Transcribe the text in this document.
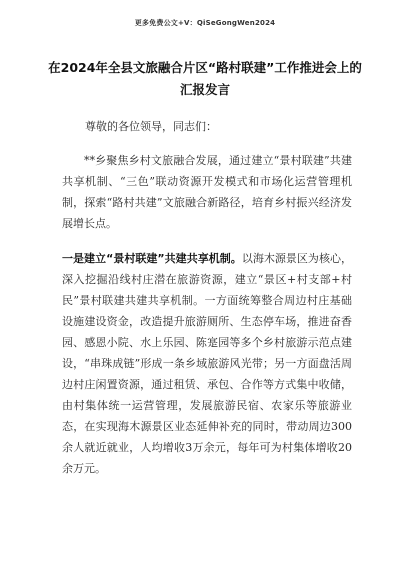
更多免费公文+V：QiSeGongWen2024
在2024年全县文旅融合片区“路村联建”工作推进会上的
汇报发言
尊敬的各位领导，同志们：
**乡聚焦乡村文旅融合发展，通过建立“景村联建”共建共享机制、“三色”联动资源开发模式和市场化运营管理机制，探索“路村共建”文旅融合新路径，培育乡村振兴经济发展增长点。
一是建立“景村联建”共建共享机制。以海木源景区为核心，深入挖掘沿线村庄潜在旅游资源，建立“景区+村支部+村民”景村联建共建共享机制。一方面统筹整合周边村庄基础设施建设资金，改造提升旅游厕所、生态停车场，推进奋香园、感恩小院、水上乐园、陈寔园等多个乡村旅游示范点建设，“串珠成链”形成一条乡域旅游风光带；另一方面盘活周边村庄闲置资源，通过租赁、承包、合作等方式集中收储，由村集体统一运营管理，发展旅游民宿、农家乐等旅游业态，在实现海木源景区业态延伸补充的同时，带动周边300余人就近就业，人均增收3万余元，每年可为村集体增收20余万元。
